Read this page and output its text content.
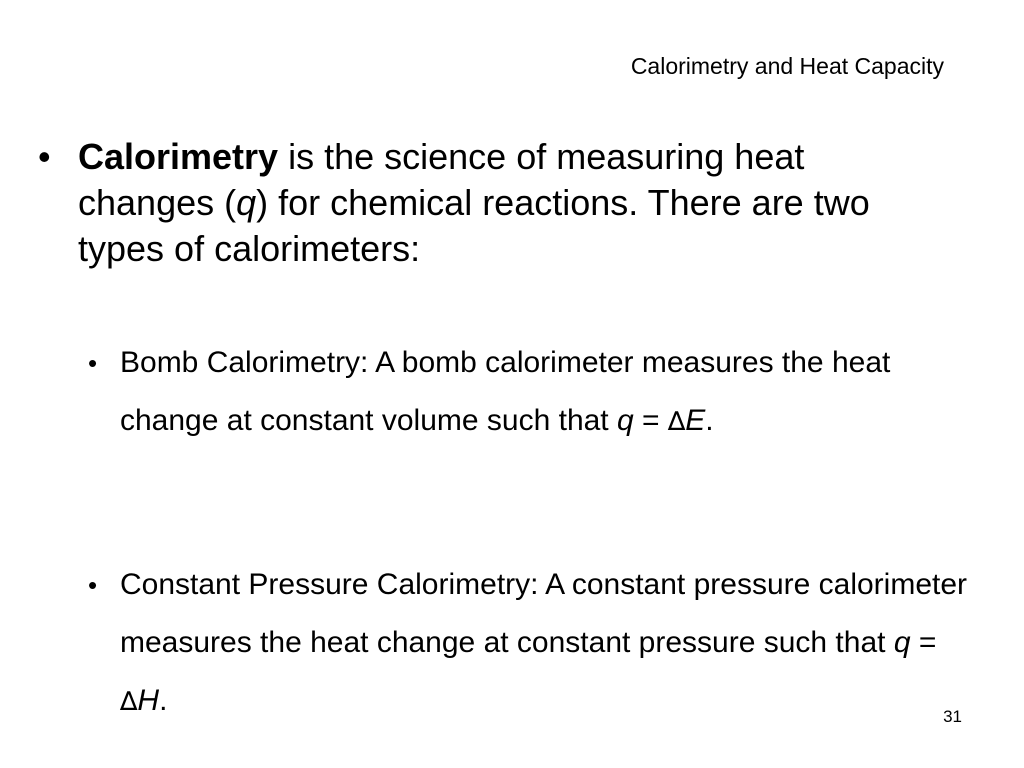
Calorimetry and Heat Capacity
• Calorimetry is the science of measuring heat changes (q) for chemical reactions. There are two types of calorimeters:
• Bomb Calorimetry: A bomb calorimeter measures the heat change at constant volume such that q = ∆E.
• Constant Pressure Calorimetry: A constant pressure calorimeter measures the heat change at constant pressure such that q = ∆H.	31
